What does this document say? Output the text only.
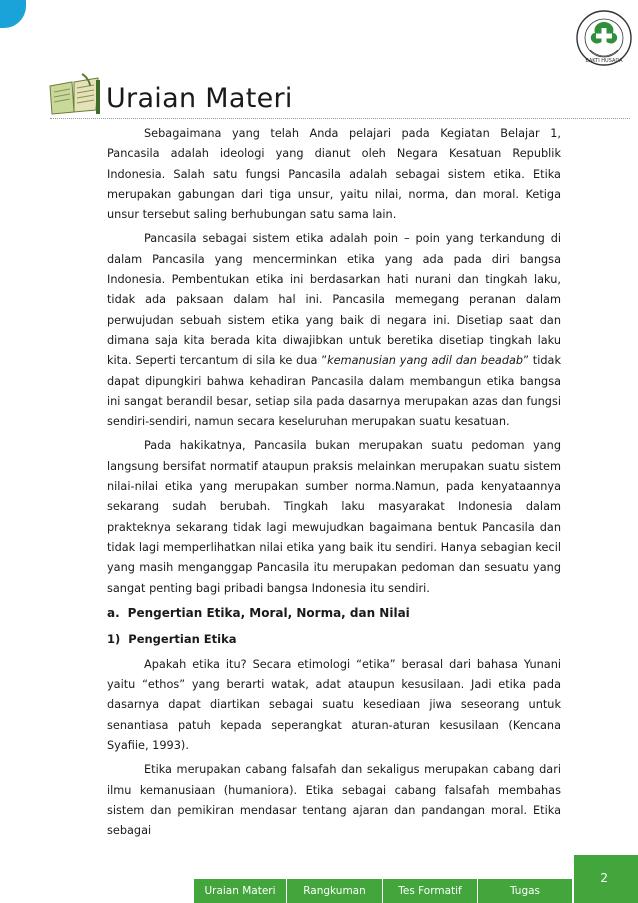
BAKTI HUSADA
Uraian Materi

Sebagaimana yang telah Anda pelajari pada Kegiatan Belajar 1, Pancasila adalah ideologi yang dianut oleh Negara Kesatuan Republik Indonesia. Salah satu fungsi Pancasila adalah sebagai sistem etika. Etika merupakan gabungan dari tiga unsur, yaitu nilai, norma, dan moral. Ketiga unsur tersebut saling berhubungan satu sama lain.

Pancasila sebagai sistem etika adalah poin – poin yang terkandung di dalam Pancasila yang mencerminkan etika yang ada pada diri bangsa Indonesia. Pembentukan etika ini berdasarkan hati nurani dan tingkah laku, tidak ada paksaan dalam hal ini. Pancasila memegang peranan dalam perwujudan sebuah sistem etika yang baik di negara ini. Disetiap saat dan dimana saja kita berada kita diwajibkan untuk beretika disetiap tingkah laku kita. Seperti tercantum di sila ke dua ”kemanusian yang adil dan beadab” tidak dapat dipungkiri bahwa kehadiran Pancasila dalam membangun etika bangsa ini sangat berandil besar, setiap sila pada dasarnya merupakan azas dan fungsi sendiri-sendiri, namun secara keseluruhan merupakan suatu kesatuan.

Pada hakikatnya, Pancasila bukan merupakan suatu pedoman yang langsung bersifat normatif ataupun praksis melainkan merupakan suatu sistem nilai-nilai etika yang merupakan sumber norma.Namun, pada kenyataannya sekarang sudah berubah. Tingkah laku masyarakat Indonesia dalam prakteknya sekarang tidak lagi mewujudkan bagaimana bentuk Pancasila dan tidak lagi memperlihatkan nilai etika yang baik itu sendiri. Hanya sebagian kecil yang masih menganggap Pancasila itu merupakan pedoman dan sesuatu yang sangat penting bagi pribadi bangsa Indonesia itu sendiri.

a. Pengertian Etika, Moral, Norma, dan Nilai
1) Pengertian Etika

Apakah etika itu? Secara etimologi “etika” berasal dari bahasa Yunani yaitu “ethos” yang berarti watak, adat ataupun kesusilaan. Jadi etika pada dasarnya dapat diartikan sebagai suatu kesediaan jiwa seseorang untuk senantiasa patuh kepada seperangkat aturan-aturan kesusilaan (Kencana Syafiie, 1993).

Etika merupakan cabang falsafah dan sekaligus merupakan cabang dari ilmu kemanusiaan (humaniora). Etika sebagai cabang falsafah membahas sistem dan pemikiran mendasar tentang ajaran dan pandangan moral. Etika sebagai

2
Uraian Materi	Rangkuman	Tes Formatif	Tugas
